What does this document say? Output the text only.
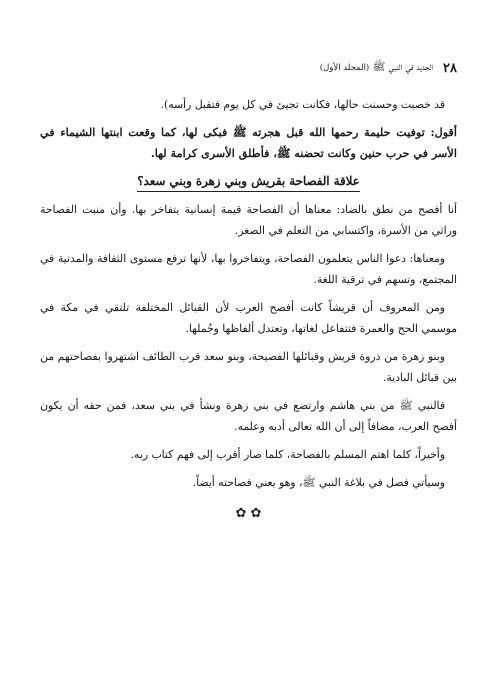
٢٨
الجديد في النبي ﷺ (المجلد الأول)

قد خصبت وحسنت حالها، فكانت تجيئ في كل يوم فتقبل رأسه).

أقول: توفيت حليمة رحمها الله قبل هجرته ﷺ فبكى لها، كما وقعت ابنتها الشيماء في الأسر في حرب حنين وكانت تحضنه ﷺ، فأطلق الأسرى كرامة لها.

علاقة الفصاحة بقريش وبني زهرة وبني سعد؟

أنا أفصح من نطق بالضاد: معناها أن الفصاحة قيمة إنسانية يتفاخر بها. وأن منبت الفصاحة وراثي من الأسرة، واكتسابي من التعلم في الصغر.

ومعناها: دعوا الناس يتعلمون الفصاحة، ويتفاخروا بها، لأنها ترفع مستوى الثقافة والمدنية في المجتمع، وتسهم في ترقية اللغة.

ومن المعروف أن قريشاً كانت أفصح العرب لأن القبائل المختلفة تلتقي في مكة في موسمي الحج والعمرة فتتفاعل لغاتها، وتعتدل ألفاظها وجُملها.

وبنو زهرة من ذروة قريش وقبائلها الفصيحة، وبنو سعد قرب الطائف اشتهروا بفصاحتهم من بين قبائل البادية.

فالنبي ﷺ من بني هاشم وارتضع في بني زهرة ونشأ في بني سعد، فمن حقه أن يكون أفصح العرب، مضافاً إلى أن الله تعالى أدبه وعلمه.

وأخيراً، كلما اهتم المسلم بالفصاحة، كلما صار أقرب إلى فهم كتاب ربه.

وسيأتي فصل في بلاغة النبي ﷺ، وهو يعني فصاحته أيضاً.

✿ ✿
